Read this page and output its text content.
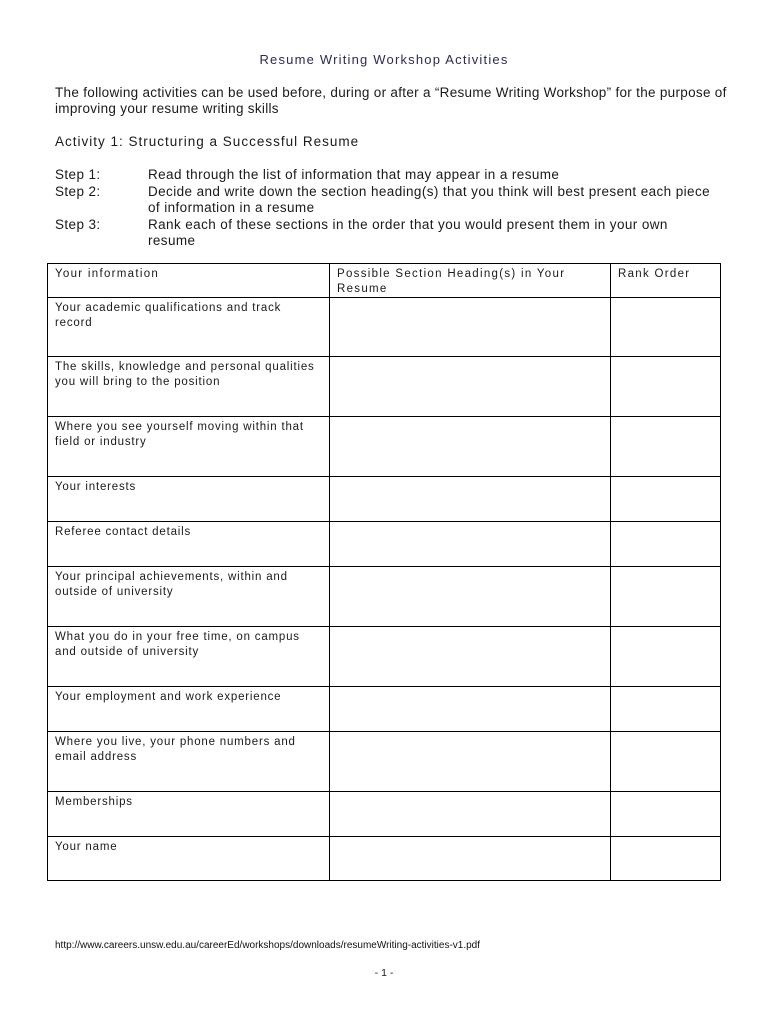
Resume Writing Workshop Activities
The following activities can be used before, during or after a “Resume Writing Workshop” for the purpose of improving your resume writing skills
Activity 1: Structuring a Successful Resume
Step 1:	Read through the list of information that may appear in a resume
Step 2:	Decide and write down the section heading(s) that you think will best present each piece of information in a resume
Step 3:	Rank each of these sections in the order that you would present them in your own resume
Your information	Possible Section Heading(s) in Your Resume	Rank Order
Your academic qualifications and track record		
The skills, knowledge and personal qualities you will bring to the position		
Where you see yourself moving within that field or industry		
Your interests		
Referee contact details		
Your principal achievements, within and outside of university		
What you do in your free time, on campus and outside of university		
Your employment and work experience		
Where you live, your phone numbers and email address		
Memberships		
Your name		
http://www.careers.unsw.edu.au/careerEd/workshops/downloads/resumeWriting-activities-v1.pdf
- 1 -
